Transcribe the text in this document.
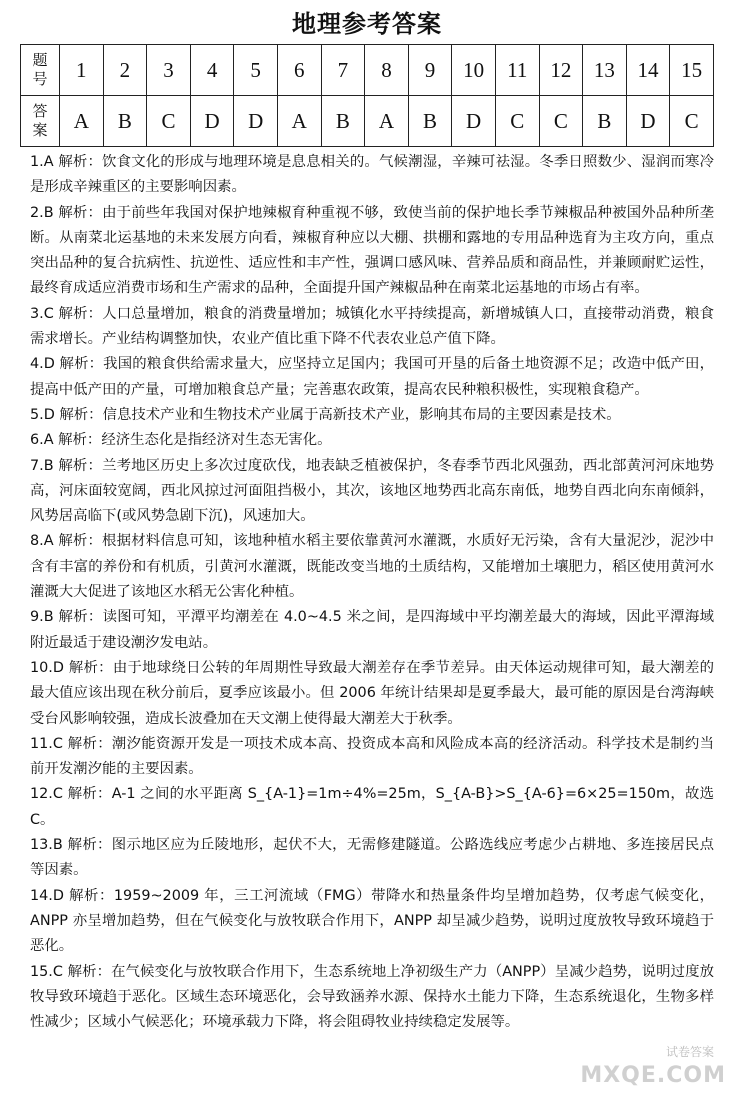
地理参考答案
题
号	1	2	3	4	5	6	7	8	9	10	11	12	13	14	15

答
案	A	B	C	D	D	A	B	A	B	D	C	C	B	D	C

1.A 解析：饮食文化的形成与地理环境是息息相关的。气候潮湿，辛辣可祛湿。冬季日照数少、湿润而寒冷是形成辛辣重区的主要影响因素。

2.B 解析：由于前些年我国对保护地辣椒育种重视不够，致使当前的保护地长季节辣椒品种被国外品种所垄断。从南菜北运基地的未来发展方向看，辣椒育种应以大棚、拱棚和露地的专用品种选育为主攻方向，重点突出品种的复合抗病性、抗逆性、适应性和丰产性，强调口感风味、营养品质和商品性，并兼顾耐贮运性，最终育成适应消费市场和生产需求的品种，全面提升国产辣椒品种在南菜北运基地的市场占有率。

3.C 解析：人口总量增加，粮食的消费量增加；城镇化水平持续提高，新增城镇人口，直接带动消费，粮食需求增长。产业结构调整加快，农业产值比重下降不代表农业总产值下降。

4.D 解析：我国的粮食供给需求量大，应坚持立足国内；我国可开垦的后备土地资源不足；改造中低产田，提高中低产田的产量，可增加粮食总产量；完善惠农政策，提高农民种粮积极性，实现粮食稳产。

5.D 解析：信息技术产业和生物技术产业属于高新技术产业，影响其布局的主要因素是技术。

6.A 解析：经济生态化是指经济对生态无害化。

7.B 解析：兰考地区历史上多次过度砍伐，地表缺乏植被保护，冬春季节西北风强劲，西北部黄河河床地势高，河床面较宽阔，西北风掠过河面阻挡极小，其次，该地区地势西北高东南低，地势自西北向东南倾斜，风势居高临下(或风势急剧下沉)，风速加大。

8.A 解析：根据材料信息可知，该地种植水稻主要依靠黄河水灌溉，水质好无污染，含有大量泥沙，泥沙中含有丰富的养份和有机质，引黄河水灌溉，既能改变当地的土质结构，又能增加土壤肥力，稻区使用黄河水灌溉大大促进了该地区水稻无公害化种植。

9.B 解析：读图可知，平潭平均潮差在 4.0~4.5 米之间，是四海域中平均潮差最大的海域，因此平潭海域附近最适于建设潮汐发电站。

10.D 解析：由于地球绕日公转的年周期性导致最大潮差存在季节差异。由天体运动规律可知，最大潮差的最大值应该出现在秋分前后，夏季应该最小。但 2006 年统计结果却是夏季最大，最可能的原因是台湾海峡受台风影响较强，造成长波叠加在天文潮上使得最大潮差大于秋季。

11.C 解析：潮汐能资源开发是一项技术成本高、投资成本高和风险成本高的经济活动。科学技术是制约当前开发潮汐能的主要因素。

12.C 解析：A-1 之间的水平距离 S_{A-1}=1m÷4%=25m，S_{A-B}>S_{A-6}=6×25=150m，故选 C。

13.B 解析：图示地区应为丘陵地形，起伏不大，无需修建隧道。公路选线应考虑少占耕地、多连接居民点等因素。

14.D 解析：1959~2009 年，三工河流域（FMG）带降水和热量条件均呈增加趋势，仅考虑气候变化，ANPP 亦呈增加趋势，但在气候变化与放牧联合作用下，ANPP 却呈减少趋势，说明过度放牧导致环境趋于恶化。

15.C 解析：在气候变化与放牧联合作用下，生态系统地上净初级生产力（ANPP）呈减少趋势，说明过度放牧导致环境趋于恶化。区域生态环境恶化，会导致涵养水源、保持水土能力下降，生态系统退化，生物多样性减少；区域小气候恶化；环境承载力下降，将会阻碍牧业持续稳定发展等。

试卷答案
MXQE.COM
